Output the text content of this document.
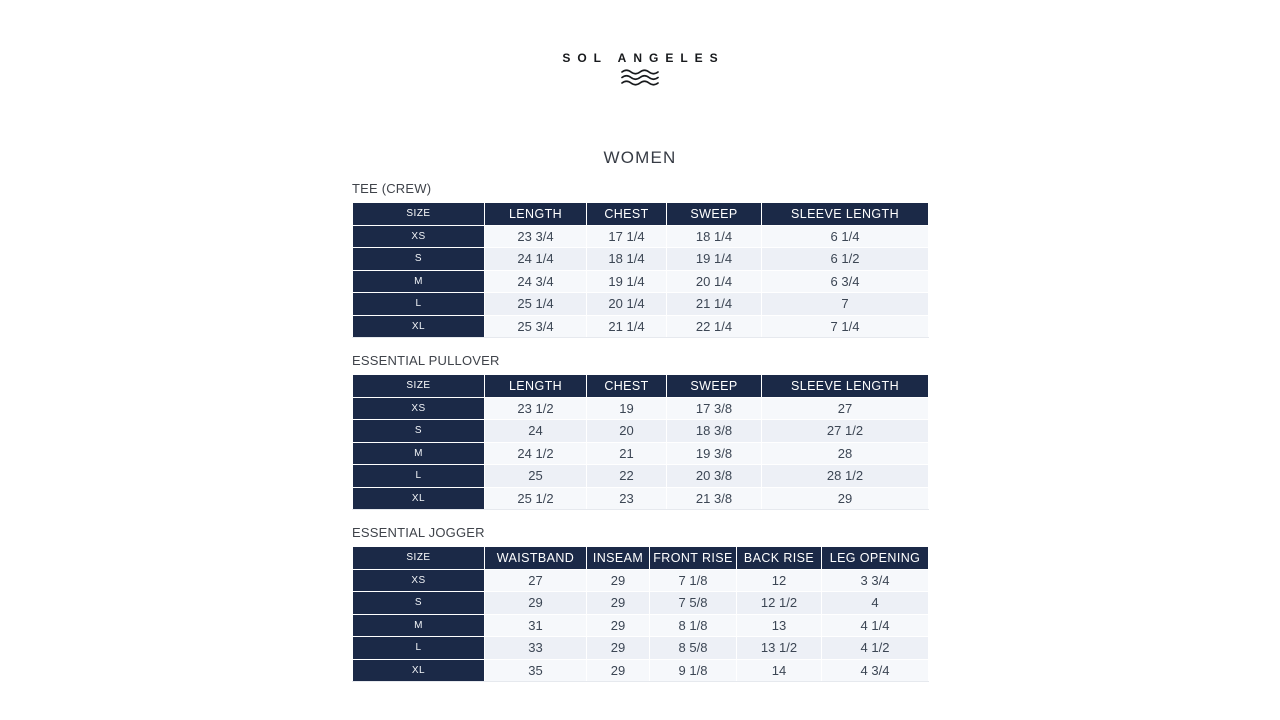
SOL ANGELES
WOMEN
TEE (CREW)
SIZE	LENGTH	CHEST	SWEEP	SLEEVE LENGTH
XS	23 3/4	17 1/4	18 1/4	6 1/4
S	24 1/4	18 1/4	19 1/4	6 1/2
M	24 3/4	19 1/4	20 1/4	6 3/4
L	25 1/4	20 1/4	21 1/4	7
XL	25 3/4	21 1/4	22 1/4	7 1/4
ESSENTIAL PULLOVER
SIZE	LENGTH	CHEST	SWEEP	SLEEVE LENGTH
XS	23 1/2	19	17 3/8	27
S	24	20	18 3/8	27 1/2
M	24 1/2	21	19 3/8	28
L	25	22	20 3/8	28 1/2
XL	25 1/2	23	21 3/8	29
ESSENTIAL JOGGER
SIZE	WAISTBAND	INSEAM	FRONT RISE	BACK RISE	LEG OPENING
XS	27	29	7 1/8	12	3 3/4
S	29	29	7 5/8	12 1/2	4
M	31	29	8 1/8	13	4 1/4
L	33	29	8 5/8	13 1/2	4 1/2
XL	35	29	9 1/8	14	4 3/4
